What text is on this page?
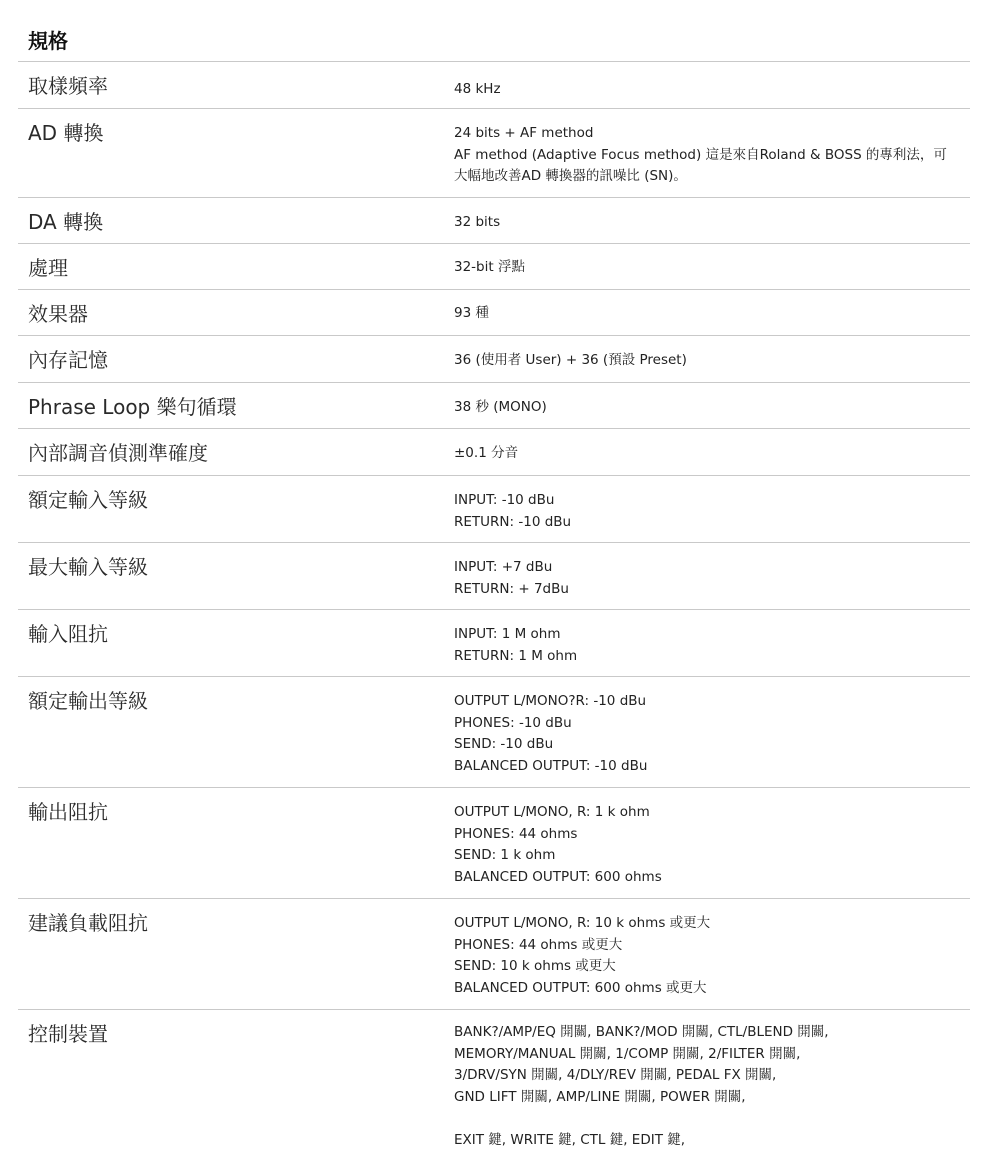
規格
取樣頻率	48 kHz
AD 轉換	24 bits + AF method
AF method (Adaptive Focus method) 這是來自Roland & BOSS 的專利法，可
大幅地改善AD 轉換器的訊噪比 (SN)。
DA 轉換	32 bits
處理	32-bit 浮點
效果器	93 種
內存記憶	36 (使用者 User) + 36 (預設 Preset)
Phrase Loop 樂句循環	38 秒 (MONO)
內部調音偵測準確度	±0.1 分音
額定輸入等級	INPUT: -10 dBu
RETURN: -10 dBu
最大輸入等級	INPUT: +7 dBu
RETURN: + 7dBu
輸入阻抗	INPUT: 1 M ohm
RETURN: 1 M ohm
額定輸出等級	OUTPUT L/MONO?R: -10 dBu
PHONES: -10 dBu
SEND: -10 dBu
BALANCED OUTPUT: -10 dBu
輸出阻抗	OUTPUT L/MONO, R: 1 k ohm
PHONES: 44 ohms
SEND: 1 k ohm
BALANCED OUTPUT: 600 ohms
建議負載阻抗	OUTPUT L/MONO, R: 10 k ohms 或更大
PHONES: 44 ohms 或更大
SEND: 10 k ohms 或更大
BALANCED OUTPUT: 600 ohms 或更大
控制裝置	BANK?/AMP/EQ 開關, BANK?/MOD 開關, CTL/BLEND 開關,
MEMORY/MANUAL 開關, 1/COMP 開關, 2/FILTER 開關,
3/DRV/SYN 開關, 4/DLY/REV 開關, PEDAL FX 開關,
GND LIFT 開關, AMP/LINE 開關, POWER 開關,

EXIT 鍵, WRITE 鍵, CTL 鍵, EDIT 鍵,
